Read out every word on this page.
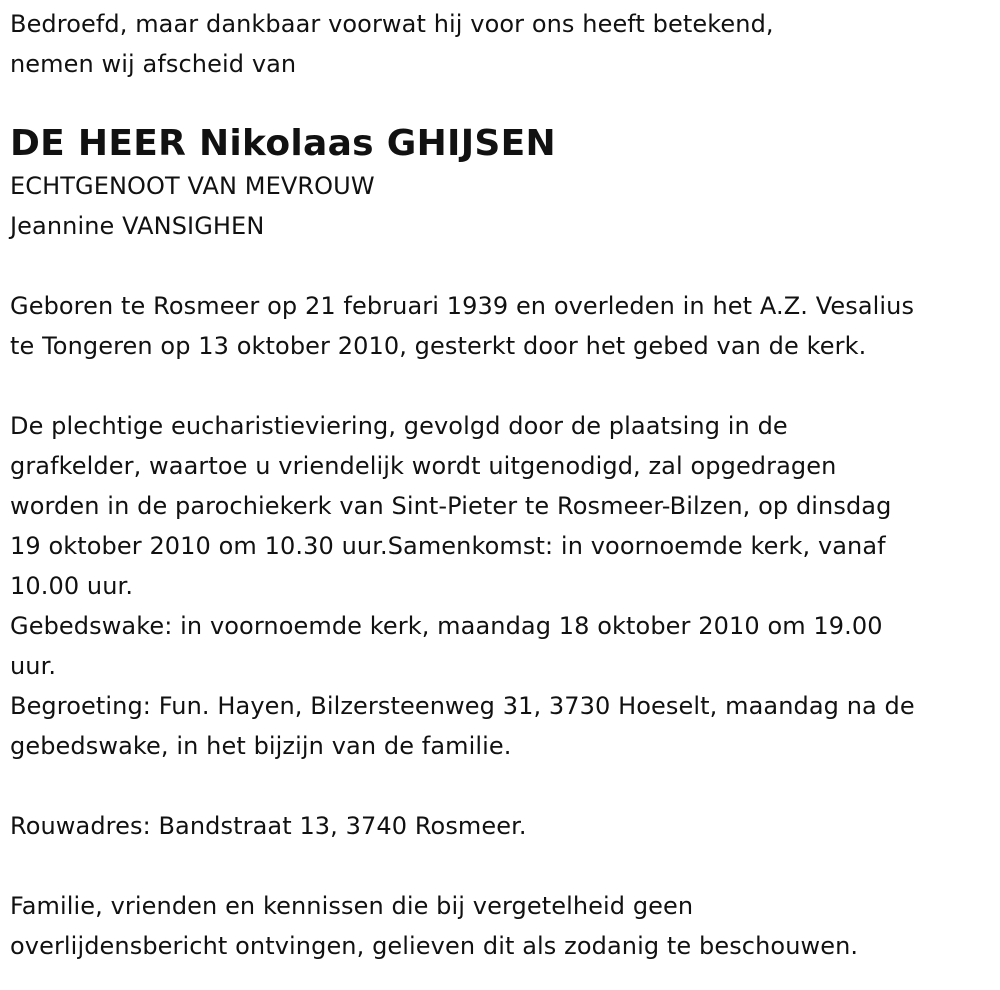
Bedroefd, maar dankbaar voorwat hij voor ons heeft betekend,
nemen wij afscheid van
DE HEER Nikolaas GHIJSEN
ECHTGENOOT VAN MEVROUW
Jeannine VANSIGHEN
Geboren te Rosmeer op 21 februari 1939 en overleden in het A.Z. Vesalius
te Tongeren op 13 oktober 2010, gesterkt door het gebed van de kerk.
De plechtige eucharistieviering, gevolgd door de plaatsing in de
grafkelder, waartoe u vriendelijk wordt uitgenodigd, zal opgedragen
worden in de parochiekerk van Sint-Pieter te Rosmeer-Bilzen, op dinsdag
19 oktober 2010 om 10.30 uur.Samenkomst: in voornoemde kerk, vanaf
10.00 uur.
Gebedswake: in voornoemde kerk, maandag 18 oktober 2010 om 19.00
uur.
Begroeting: Fun. Hayen, Bilzersteenweg 31, 3730 Hoeselt, maandag na de
gebedswake, in het bijzijn van de familie.
Rouwadres: Bandstraat 13, 3740 Rosmeer.
Familie, vrienden en kennissen die bij vergetelheid geen
overlijdensbericht ontvingen, gelieven dit als zodanig te beschouwen.
